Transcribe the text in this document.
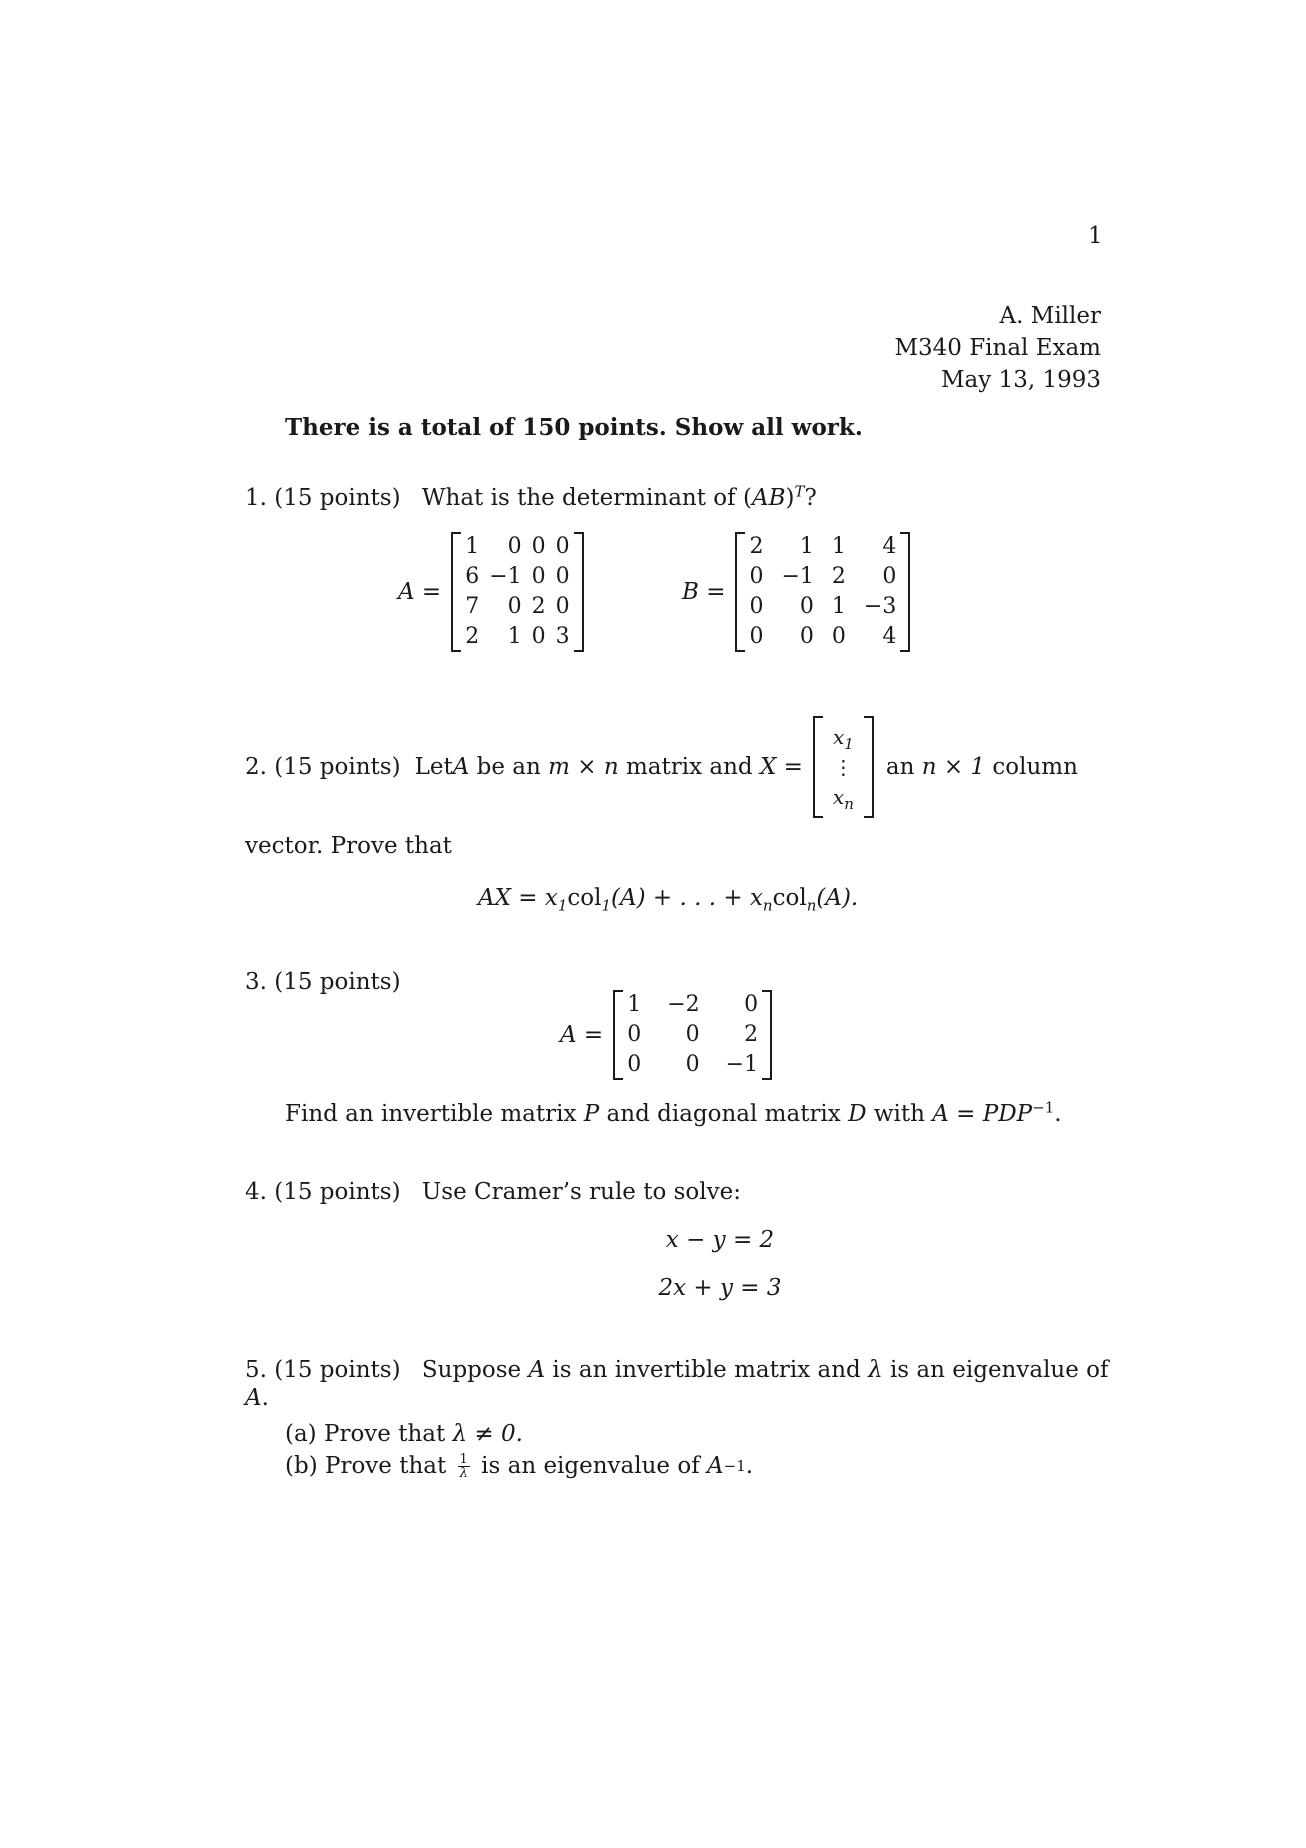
1
A. Miller
M340 Final Exam
May 13, 1993
There is a total of 150 points. Show all work.
1. (15 points) What is the determinant of (AB)$^T$?
A =
1	0 0 0
6 −1 0 0
7	0 2 0
2	1 0 3
B =
2	1 1	4
0 −1 2	0
0	0 1 −3
0	0 0	4
2. (15 points) Let A be an m × n matrix and X =
$x_1$
⋮
$x_n$
an n × 1 column
vector. Prove that
AX = $x_1col_1(A)$ + . . . + $x_ncol_n(A)$.
3. (15 points)
A =
1 −2	0
0	0	2
0	0 −1
Find an invertible matrix P and diagonal matrix D with $A = PDP^{-1}$.
4. (15 points) Use Cramer’s rule to solve:
x − y = 2
2x + y = 3
5. (15 points) Suppose A is an invertible matrix and λ is an eigenvalue of
A.
(a) Prove that λ ≠ 0.
(b) Prove that $\frac{1}{\lambda}$ is an eigenvalue of A −1 .
